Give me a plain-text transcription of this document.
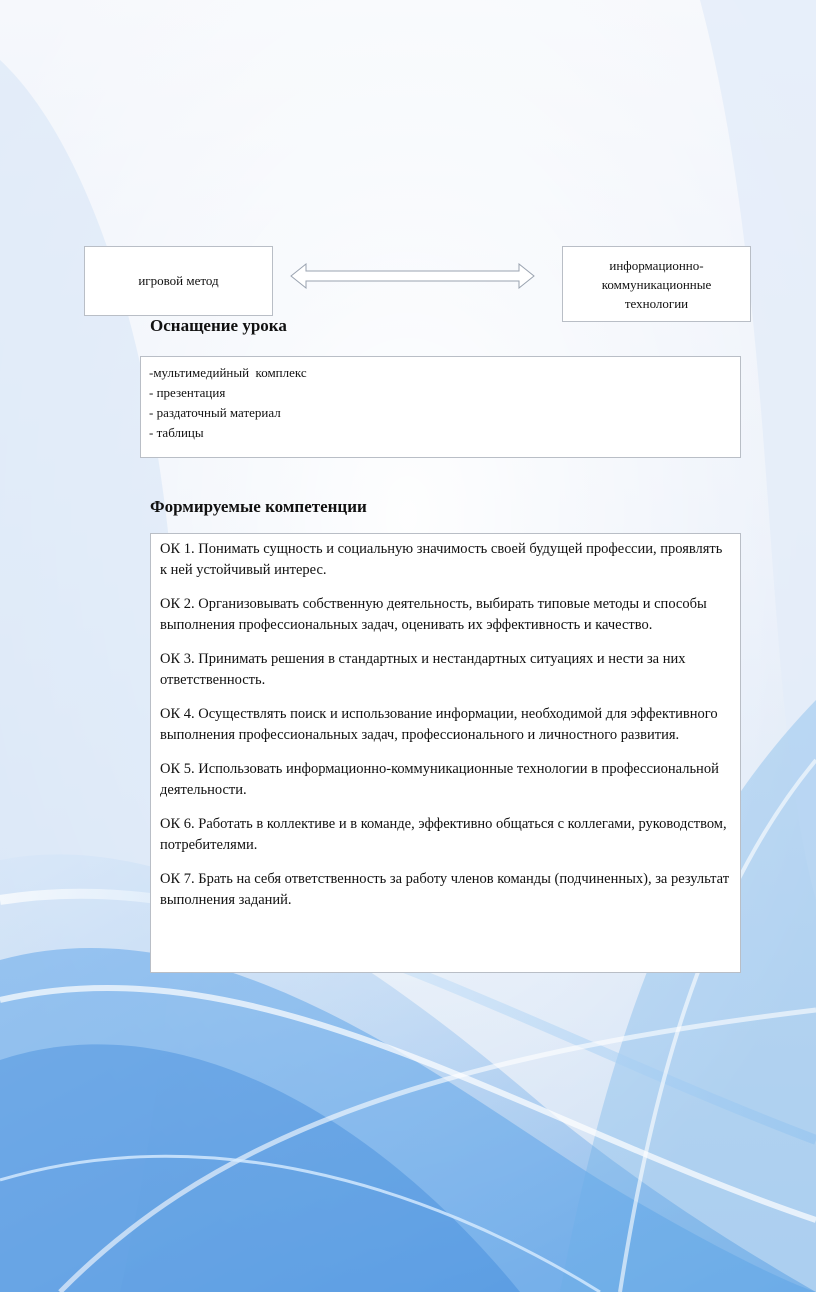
игровой метод
информационно-
коммуникационные
технологии
Оснащение урока
-мультимедийный  комплекс
- презентация
- раздаточный материал
- таблицы
Формируемые компетенции

ОК 1. Понимать сущность и социальную значимость своей будущей профессии, проявлять к ней устойчивый интерес.

ОК 2. Организовывать собственную деятельность, выбирать типовые методы и способы выполнения профессиональных задач, оценивать их эффективность и качество.

ОК 3. Принимать решения в стандартных и нестандартных ситуациях и нести за них ответственность.

ОК 4. Осуществлять поиск и использование информации, необходимой для эффективного выполнения профессиональных задач, профессионального и личностного развития.

ОК 5. Использовать информационно-коммуникационные технологии в профессиональной деятельности.

ОК 6. Работать в коллективе и в команде, эффективно общаться с коллегами, руководством, потребителями.

ОК 7. Брать на себя ответственность за работу членов команды (подчиненных), за результат выполнения заданий.
